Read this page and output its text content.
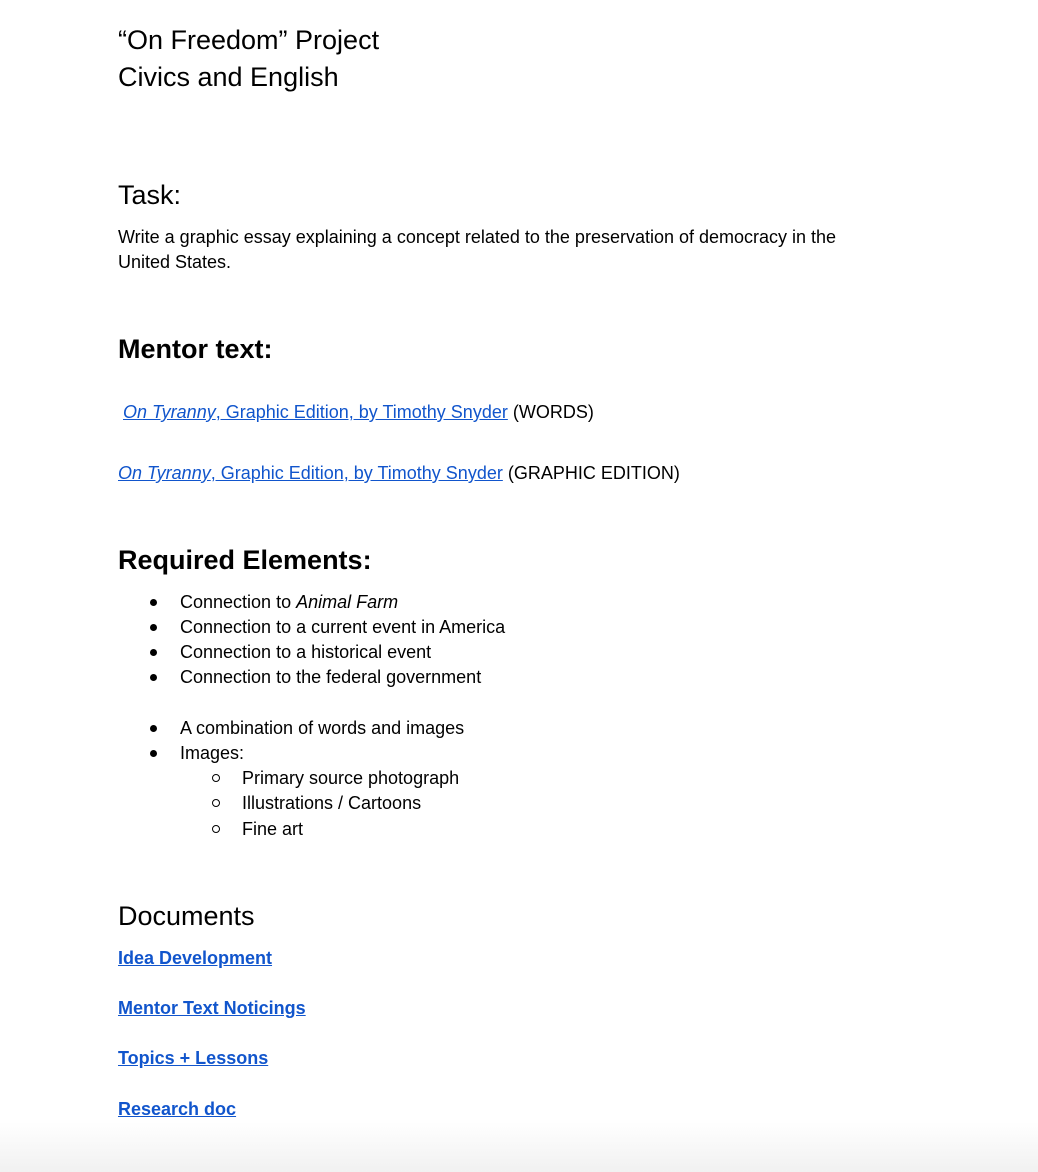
“On Freedom” Project
Civics and English
Task:
Write a graphic essay explaining a concept related to the preservation of democracy in the
United States.
Mentor text:
On Tyranny, Graphic Edition, by Timothy Snyder (WORDS)
On Tyranny, Graphic Edition, by Timothy Snyder (GRAPHIC EDITION)
Required Elements:
Connection to Animal Farm
Connection to a current event in America
Connection to a historical event
Connection to the federal government
A combination of words and images
Images:
Primary source photograph
Illustrations / Cartoons
Fine art
Documents
Idea Development
Mentor Text Noticings
Topics + Lessons
Research doc
